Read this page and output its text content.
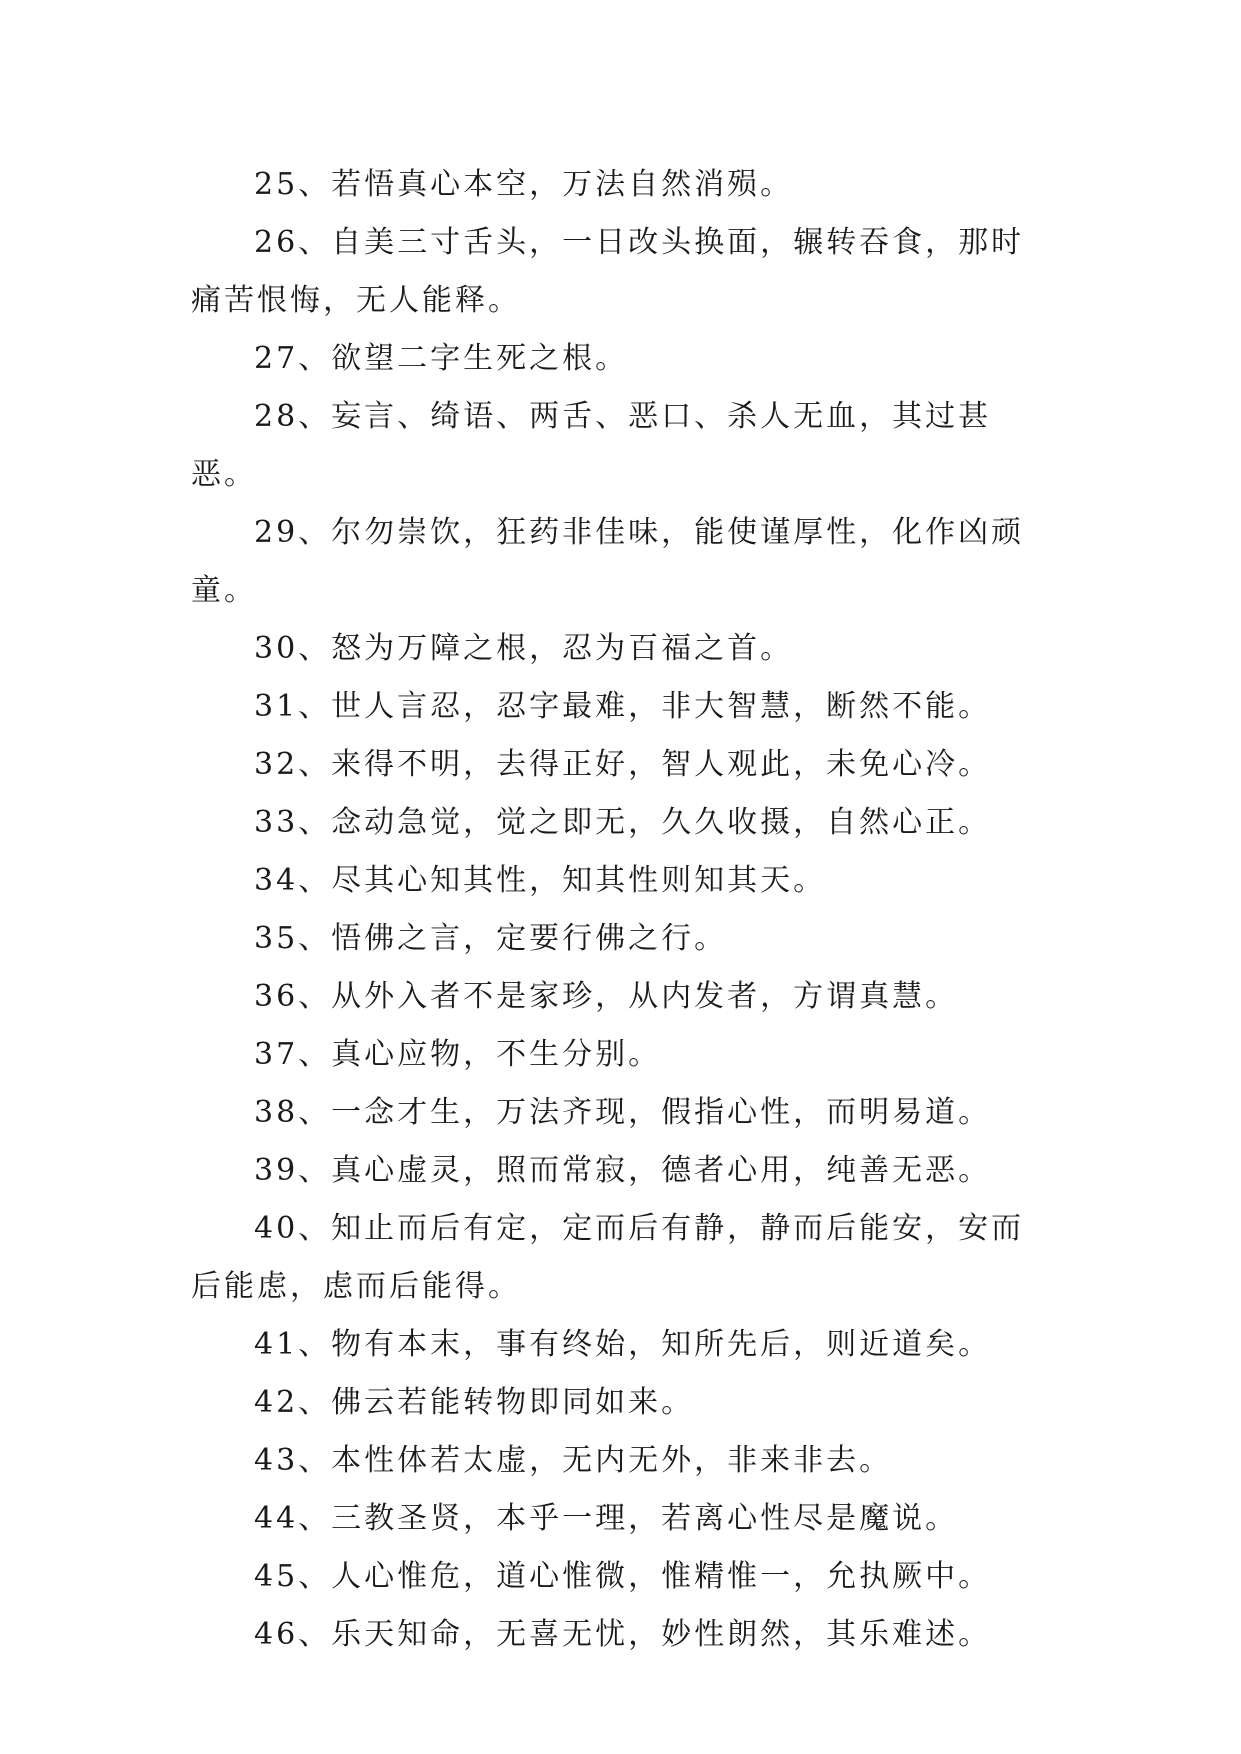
25、若悟真心本空，万法自然消殒。

26、自美三寸舌头，一日改头换面，辗转吞食，那时痛苦恨悔，无人能释。

27、欲望二字生死之根。

28、妄言、绮语、两舌、恶口、杀人无血，其过甚恶。

29、尔勿崇饮，狂药非佳味，能使谨厚性，化作凶顽童。

30、怒为万障之根，忍为百福之首。

31、世人言忍，忍字最难，非大智慧，断然不能。

32、来得不明，去得正好，智人观此，未免心冷。

33、念动急觉，觉之即无，久久收摄，自然心正。

34、尽其心知其性，知其性则知其天。

35、悟佛之言，定要行佛之行。

36、从外入者不是家珍，从内发者，方谓真慧。

37、真心应物，不生分别。

38、一念才生，万法齐现，假指心性，而明易道。

39、真心虚灵，照而常寂，德者心用，纯善无恶。

40、知止而后有定，定而后有静，静而后能安，安而后能虑，虑而后能得。

41、物有本末，事有终始，知所先后，则近道矣。

42、佛云若能转物即同如来。

43、本性体若太虚，无内无外，非来非去。

44、三教圣贤，本乎一理，若离心性尽是魔说。

45、人心惟危，道心惟微，惟精惟一，允执厥中。

46、乐天知命，无喜无忧，妙性朗然，其乐难述。
